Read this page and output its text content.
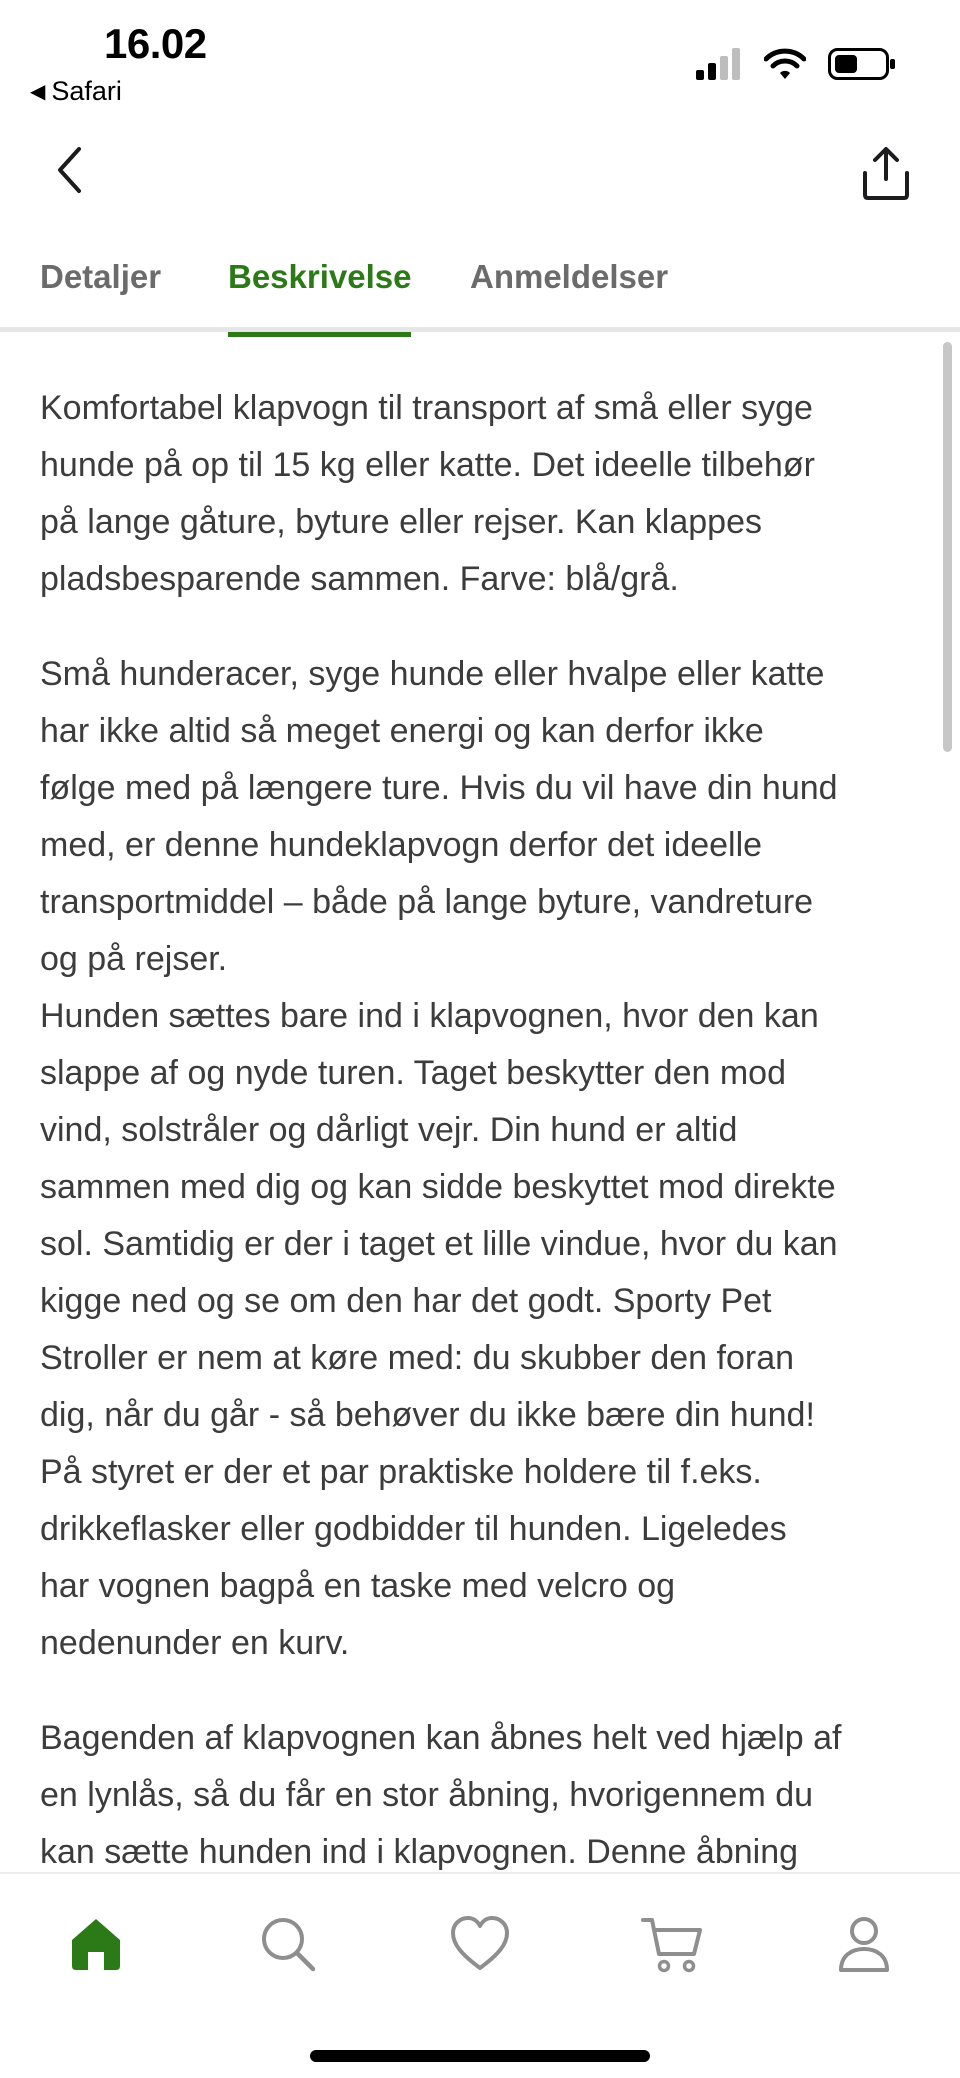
16.02
◀ Safari
Detaljer Beskrivelse Anmeldelser
Komfortabel klapvogn til transport af små eller syge
hunde på op til 15 kg eller katte. Det ideelle tilbehør
på lange gåture, byture eller rejser. Kan klappes
pladsbesparende sammen. Farve: blå/grå.
Små hunderacer, syge hunde eller hvalpe eller katte
har ikke altid så meget energi og kan derfor ikke
følge med på længere ture. Hvis du vil have din hund
med, er denne hundeklapvogn derfor det ideelle
transportmiddel – både på lange byture, vandreture
og på rejser.
Hunden sættes bare ind i klapvognen, hvor den kan
slappe af og nyde turen. Taget beskytter den mod
vind, solstråler og dårligt vejr. Din hund er altid
sammen med dig og kan sidde beskyttet mod direkte
sol. Samtidig er der i taget et lille vindue, hvor du kan
kigge ned og se om den har det godt. Sporty Pet
Stroller er nem at køre med: du skubber den foran
dig, når du går - så behøver du ikke bære din hund!
På styret er der et par praktiske holdere til f.eks.
drikkeflasker eller godbidder til hunden. Ligeledes
har vognen bagpå en taske med velcro og
nedenunder en kurv.
Bagenden af klapvognen kan åbnes helt ved hjælp af
en lynlås, så du får en stor åbning, hvorigennem du
kan sætte hunden ind i klapvognen. Denne åbning
